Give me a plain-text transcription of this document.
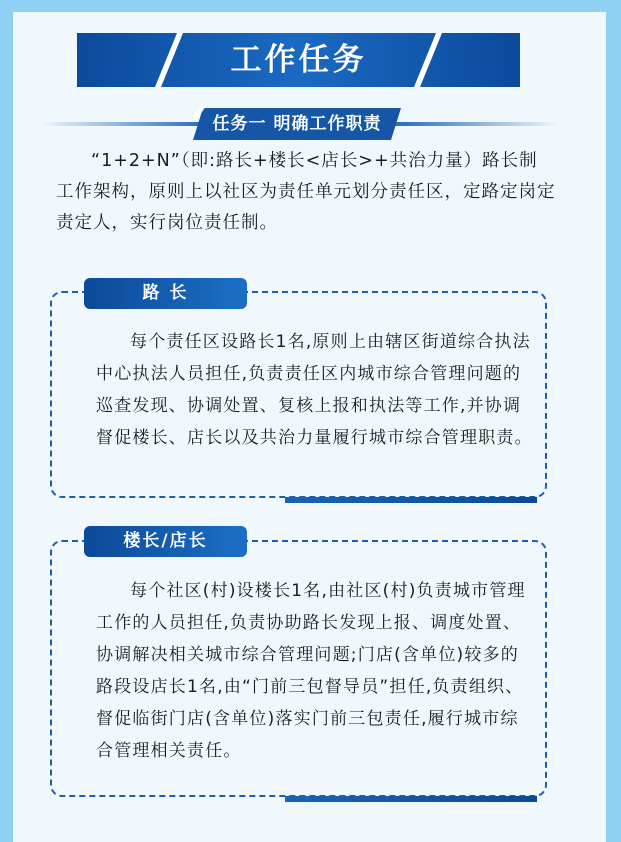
工作任务
任务一 明确工作职责

“1+2+N”（即:路长+楼长<店长>+共治力量）路长制工作架构，原则上以社区为责任单元划分责任区，定路定岗定责定人，实行岗位责任制。

路 长

每个责任区设路长1名,原则上由辖区街道综合执法中心执法人员担任,负责责任区内城市综合管理问题的巡查发现、协调处置、复核上报和执法等工作,并协调督促楼长、店长以及共治力量履行城市综合管理职责。

楼长/店长

每个社区(村)设楼长1名,由社区(村)负责城市管理工作的人员担任,负责协助路长发现上报、调度处置、协调解决相关城市综合管理问题;门店(含单位)较多的路段设店长1名,由“门前三包督导员”担任,负责组织、督促临街门店(含单位)落实门前三包责任,履行城市综合管理相关责任。
